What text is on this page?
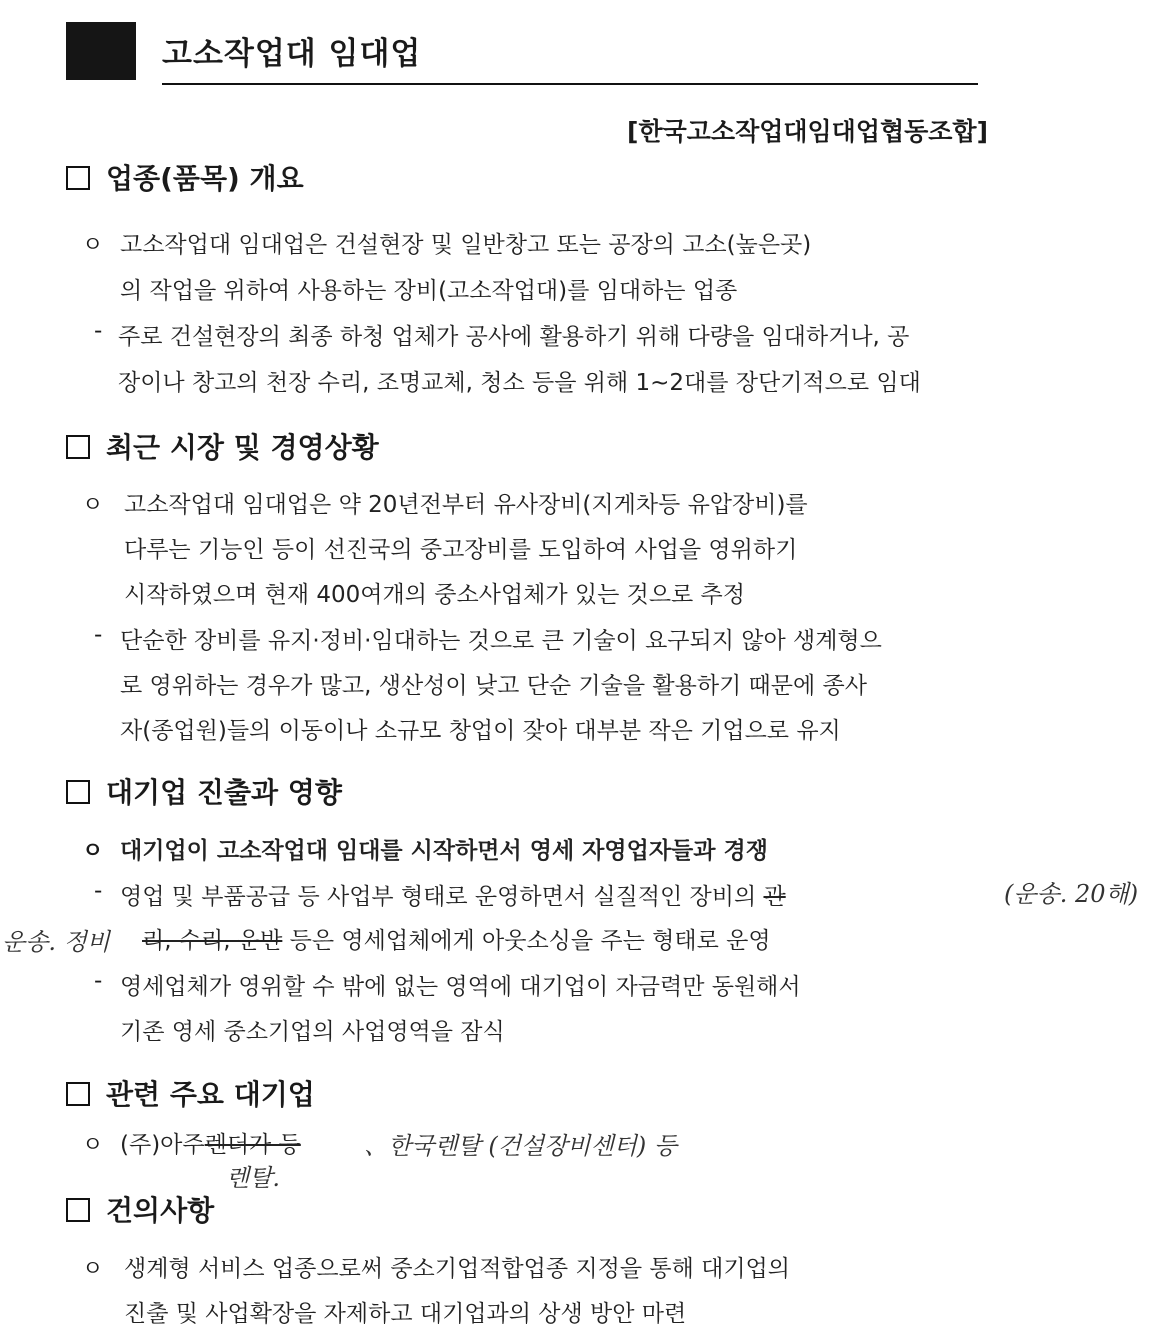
고소작업대 임대업
[한국고소작업대임대업협동조합]
업종(품목) 개요
ㅇ 고소작업대 임대업은 건설현장 및 일반창고 또는 공장의 고소(높은곳)
의 작업을 위하여 사용하는 장비(고소작업대)를 임대하는 업종
- 주로 건설현장의 최종 하청 업체가 공사에 활용하기 위해 다량을 임대하거나, 공
장이나 창고의 천장 수리, 조명교체, 청소 등을 위해 1~2대를 장단기적으로 임대
최근 시장 및 경영상황
ㅇ 고소작업대 임대업은 약 20년전부터 유사장비(지게차등 유압장비)를
다루는 기능인 등이 선진국의 중고장비를 도입하여 사업을 영위하기
시작하였으며 현재 400여개의 중소사업체가 있는 것으로 추정
- 단순한 장비를 유지·정비·임대하는 것으로 큰 기술이 요구되지 않아 생계형으
로 영위하는 경우가 많고, 생산성이 낮고 단순 기술을 활용하기 때문에 종사
자(종업원)들의 이동이나 소규모 창업이 잦아 대부분 작은 기업으로 유지
대기업 진출과 영향
ㅇ 대기업이 고소작업대 임대를 시작하면서 영세 자영업자들과 경쟁
- 영업 및 부품공급 등 사업부 형태로 운영하면서 실질적인 장비의 관	(운송. 20해)
운송. 정비 리, 수리, 운반 등은 영세업체에게 아웃소싱을 주는 형태로 운영
- 영세업체가 영위할 수 밖에 없는 영역에 대기업이 자금력만 동원해서
기존 영세 중소기업의 사업영역을 잠식
관련 주요 대기업
ㅇ (주)아주렌더가 등
렌탈.
、한국렌탈 (건설장비센터) 등
건의사항
ㅇ 생계형 서비스 업종으로써 중소기업적합업종 지정을 통해 대기업의
진출 및 사업확장을 자제하고 대기업과의 상생 방안 마련
